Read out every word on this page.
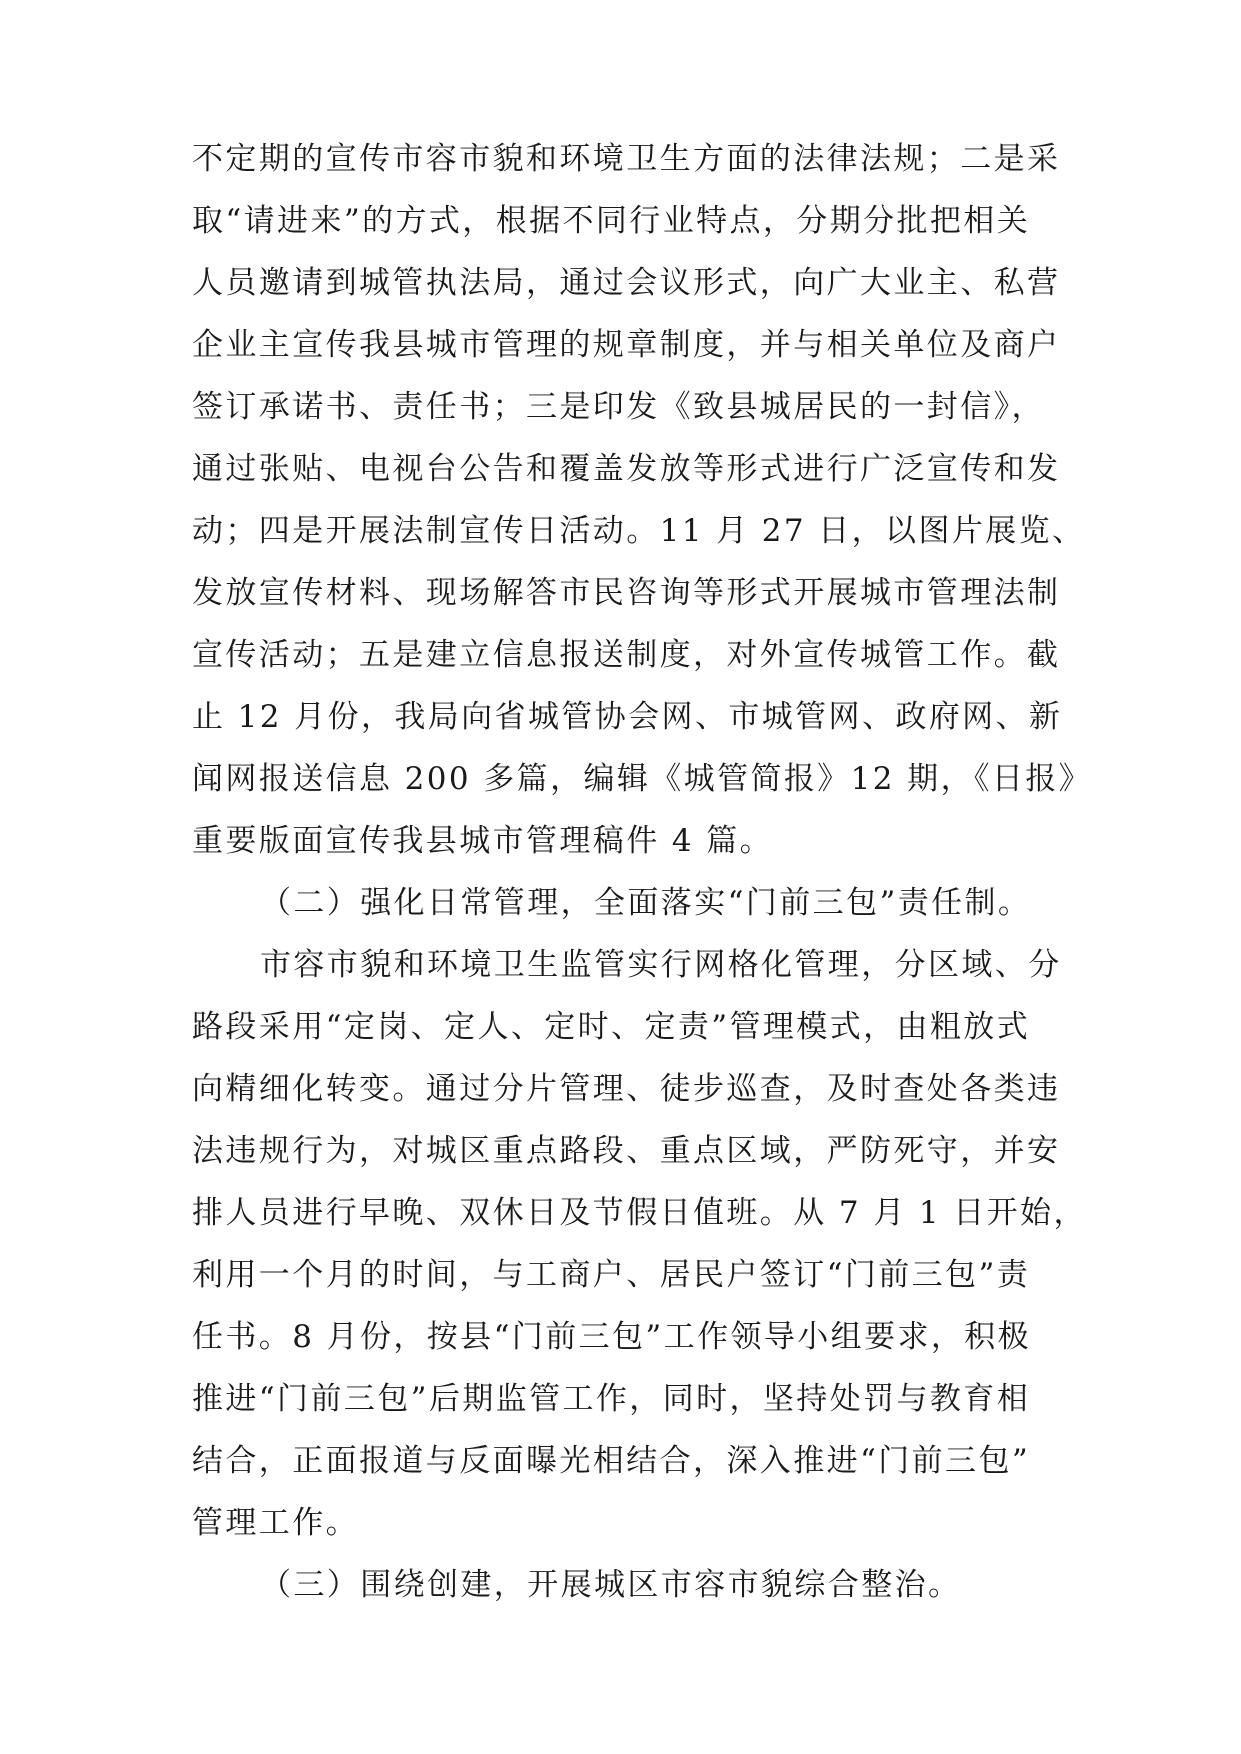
不定期的宣传市容市貌和环境卫生方面的法律法规；二是采
取“请进来”的方式，根据不同行业特点，分期分批把相关
人员邀请到城管执法局，通过会议形式，向广大业主、私营
企业主宣传我县城市管理的规章制度，并与相关单位及商户
签订承诺书、责任书；三是印发《致县城居民的一封信》，
通过张贴、电视台公告和覆盖发放等形式进行广泛宣传和发
动；四是开展法制宣传日活动。11 月 27 日，以图片展览、
发放宣传材料、现场解答市民咨询等形式开展城市管理法制
宣传活动；五是建立信息报送制度，对外宣传城管工作。截
止 12 月份，我局向省城管协会网、市城管网、政府网、新
闻网报送信息 200 多篇，编辑《城管简报》12 期，《日报》
重要版面宣传我县城市管理稿件 4 篇。
（二）强化日常管理，全面落实“门前三包”责任制。
市容市貌和环境卫生监管实行网格化管理，分区域、分
路段采用“定岗、定人、定时、定责”管理模式，由粗放式
向精细化转变。通过分片管理、徒步巡查，及时查处各类违
法违规行为，对城区重点路段、重点区域，严防死守，并安
排人员进行早晚、双休日及节假日值班。从 7 月 1 日开始，
利用一个月的时间，与工商户、居民户签订“门前三包”责
任书。8 月份，按县“门前三包”工作领导小组要求，积极
推进“门前三包”后期监管工作，同时，坚持处罚与教育相
结合，正面报道与反面曝光相结合，深入推进“门前三包”
管理工作。
（三）围绕创建，开展城区市容市貌综合整治。
